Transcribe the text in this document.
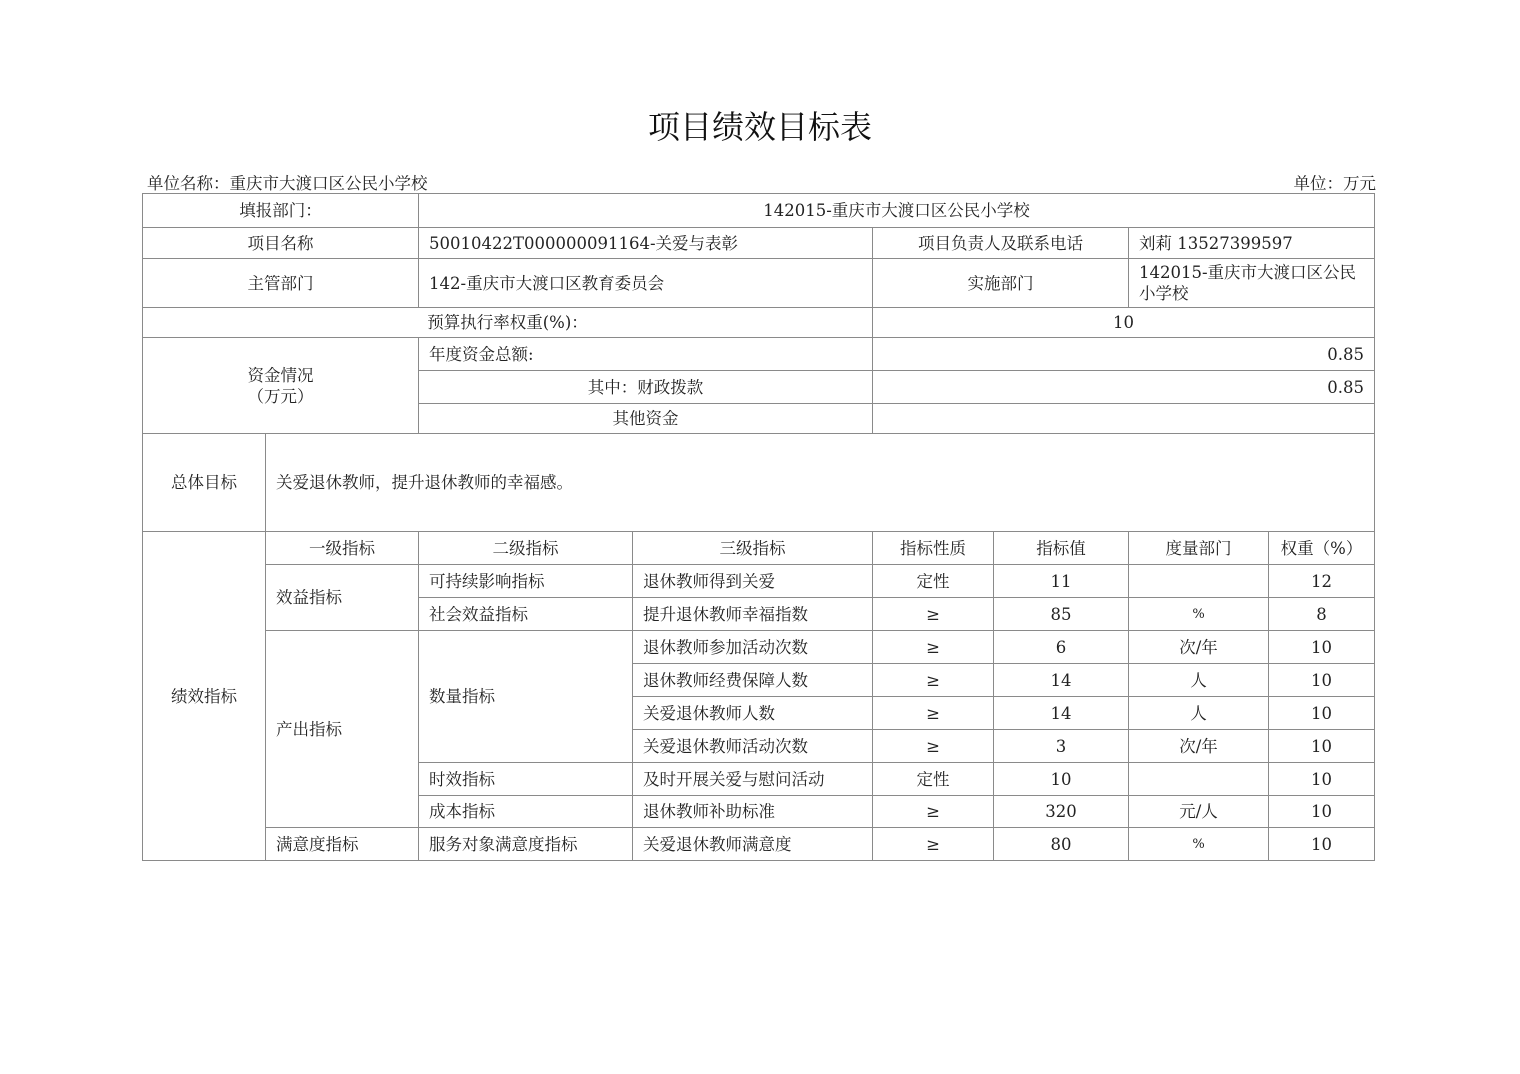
项目绩效目标表
单位名称：重庆市大渡口区公民小学校	单位：万元
填报部门：		142015-重庆市大渡口区公民小学校					
项目名称		50010422T000000091164-关爱与表彰		项目负责人及联系电话		刘莉 13527399597	
主管部门		142-重庆市大渡口区教育委员会		实施部门		142015-重庆市大渡口区公民小学校	
预算执行率权重(%)：				10			

资金情况
（万元）		年度资金总额:		0.85			
		其中：财政拨款		0.85			
		其他资金					
总体目标	关爱退休教师，提升退休教师的幸福感。						
绩效指标	一级指标	二级指标	三级指标	指标性质	指标值	度量部门	权重（%）
	效益指标	可持续影响指标	退休教师得到关爱	定性	11		12
		社会效益指标	提升退休教师幸福指数	≥	85	%	8
	产出指标	数量指标	退休教师参加活动次数	≥	6	次/年	10
			退休教师经费保障人数	≥	14	人	10
			关爱退休教师人数	≥	14	人	10
			关爱退休教师活动次数	≥	3	次/年	10
		时效指标	及时开展关爱与慰问活动	定性	10		10
		成本指标	退休教师补助标准	≥	320	元/人	10
	满意度指标	服务对象满意度指标	关爱退休教师满意度	≥	80	%	10
